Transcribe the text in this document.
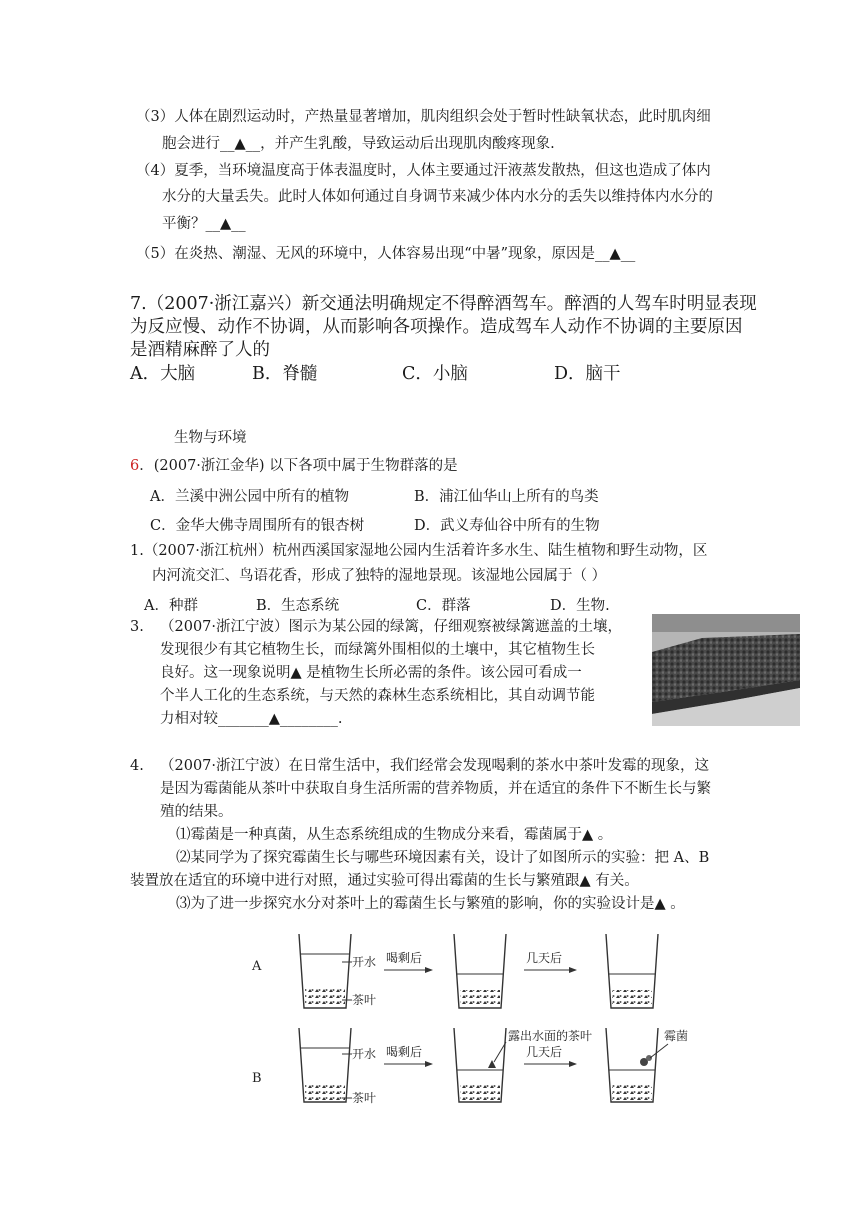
（3）人体在剧烈运动时，产热量显著增加，肌肉组织会处于暂时性缺氧状态，此时肌肉细
胞会进行__▲__，并产生乳酸，导致运动后出现肌肉酸疼现象.
（4）夏季，当环境温度高于体表温度时，人体主要通过汗液蒸发散热，但这也造成了体内
水分的大量丢失。此时人体如何通过自身调节来减少体内水分的丢失以维持体内水分的
平衡？__▲__
（5）在炎热、潮湿、无风的环境中，人体容易出现“中暑”现象，原因是__▲__
7.（2007·浙江嘉兴）新交通法明确规定不得醉酒驾车。醉酒的人驾车时明显表现
为反应慢、动作不协调，从而影响各项操作。造成驾车人动作不协调的主要原因
是酒精麻醉了人的
A．大脑	B．脊髓	C．小脑	D．脑干
生物与环境
6．(2007·浙江金华) 以下各项中属于生物群落的是
A．兰溪中洲公园中所有的植物	B．浦江仙华山上所有的鸟类
C．金华大佛寺周围所有的银杏树	D．武义寿仙谷中所有的生物
1.（2007·浙江杭州）杭州西溪国家湿地公园内生活着许多水生、陆生植物和野生动物，区
内河流交汇、鸟语花香，形成了独特的湿地景现。该湿地公园属于（ ）
A．种群	B．生态系统	C．群落	D．生物.
3. （2007·浙江宁波）图示为某公园的绿篱，仔细观察被绿篱遮盖的土壤，
发现很少有其它植物生长，而绿篱外围相似的土壤中，其它植物生长
良好。这一现象说明▲ 是植物生长所必需的条件。该公园可看成一
个半人工化的生态系统，与天然的森林生态系统相比，其自动调节能
力相对较_______▲________.
4. （2007·浙江宁波）在日常生活中，我们经常会发现喝剩的茶水中茶叶发霉的现象，这
是因为霉菌能从茶叶中获取自身生活所需的营养物质，并在适宜的条件下不断生长与繁
殖的结果。
⑴霉菌是一种真菌，从生态系统组成的生物成分来看，霉菌属于▲ 。
⑵某同学为了探究霉菌生长与哪些环境因素有关，设计了如图所示的实验：把 A、B
装置放在适宜的环境中进行对照，通过实验可得出霉菌的生长与繁殖跟▲ 有关。
⑶为了进一步探究水分对茶叶上的霉菌生长与繁殖的影响，你的实验设计是▲ 。
A
B
开水
茶叶
喝剩后	几天后
开水
茶叶
喝剩后
露出水面的茶叶
几天后
霉菌
